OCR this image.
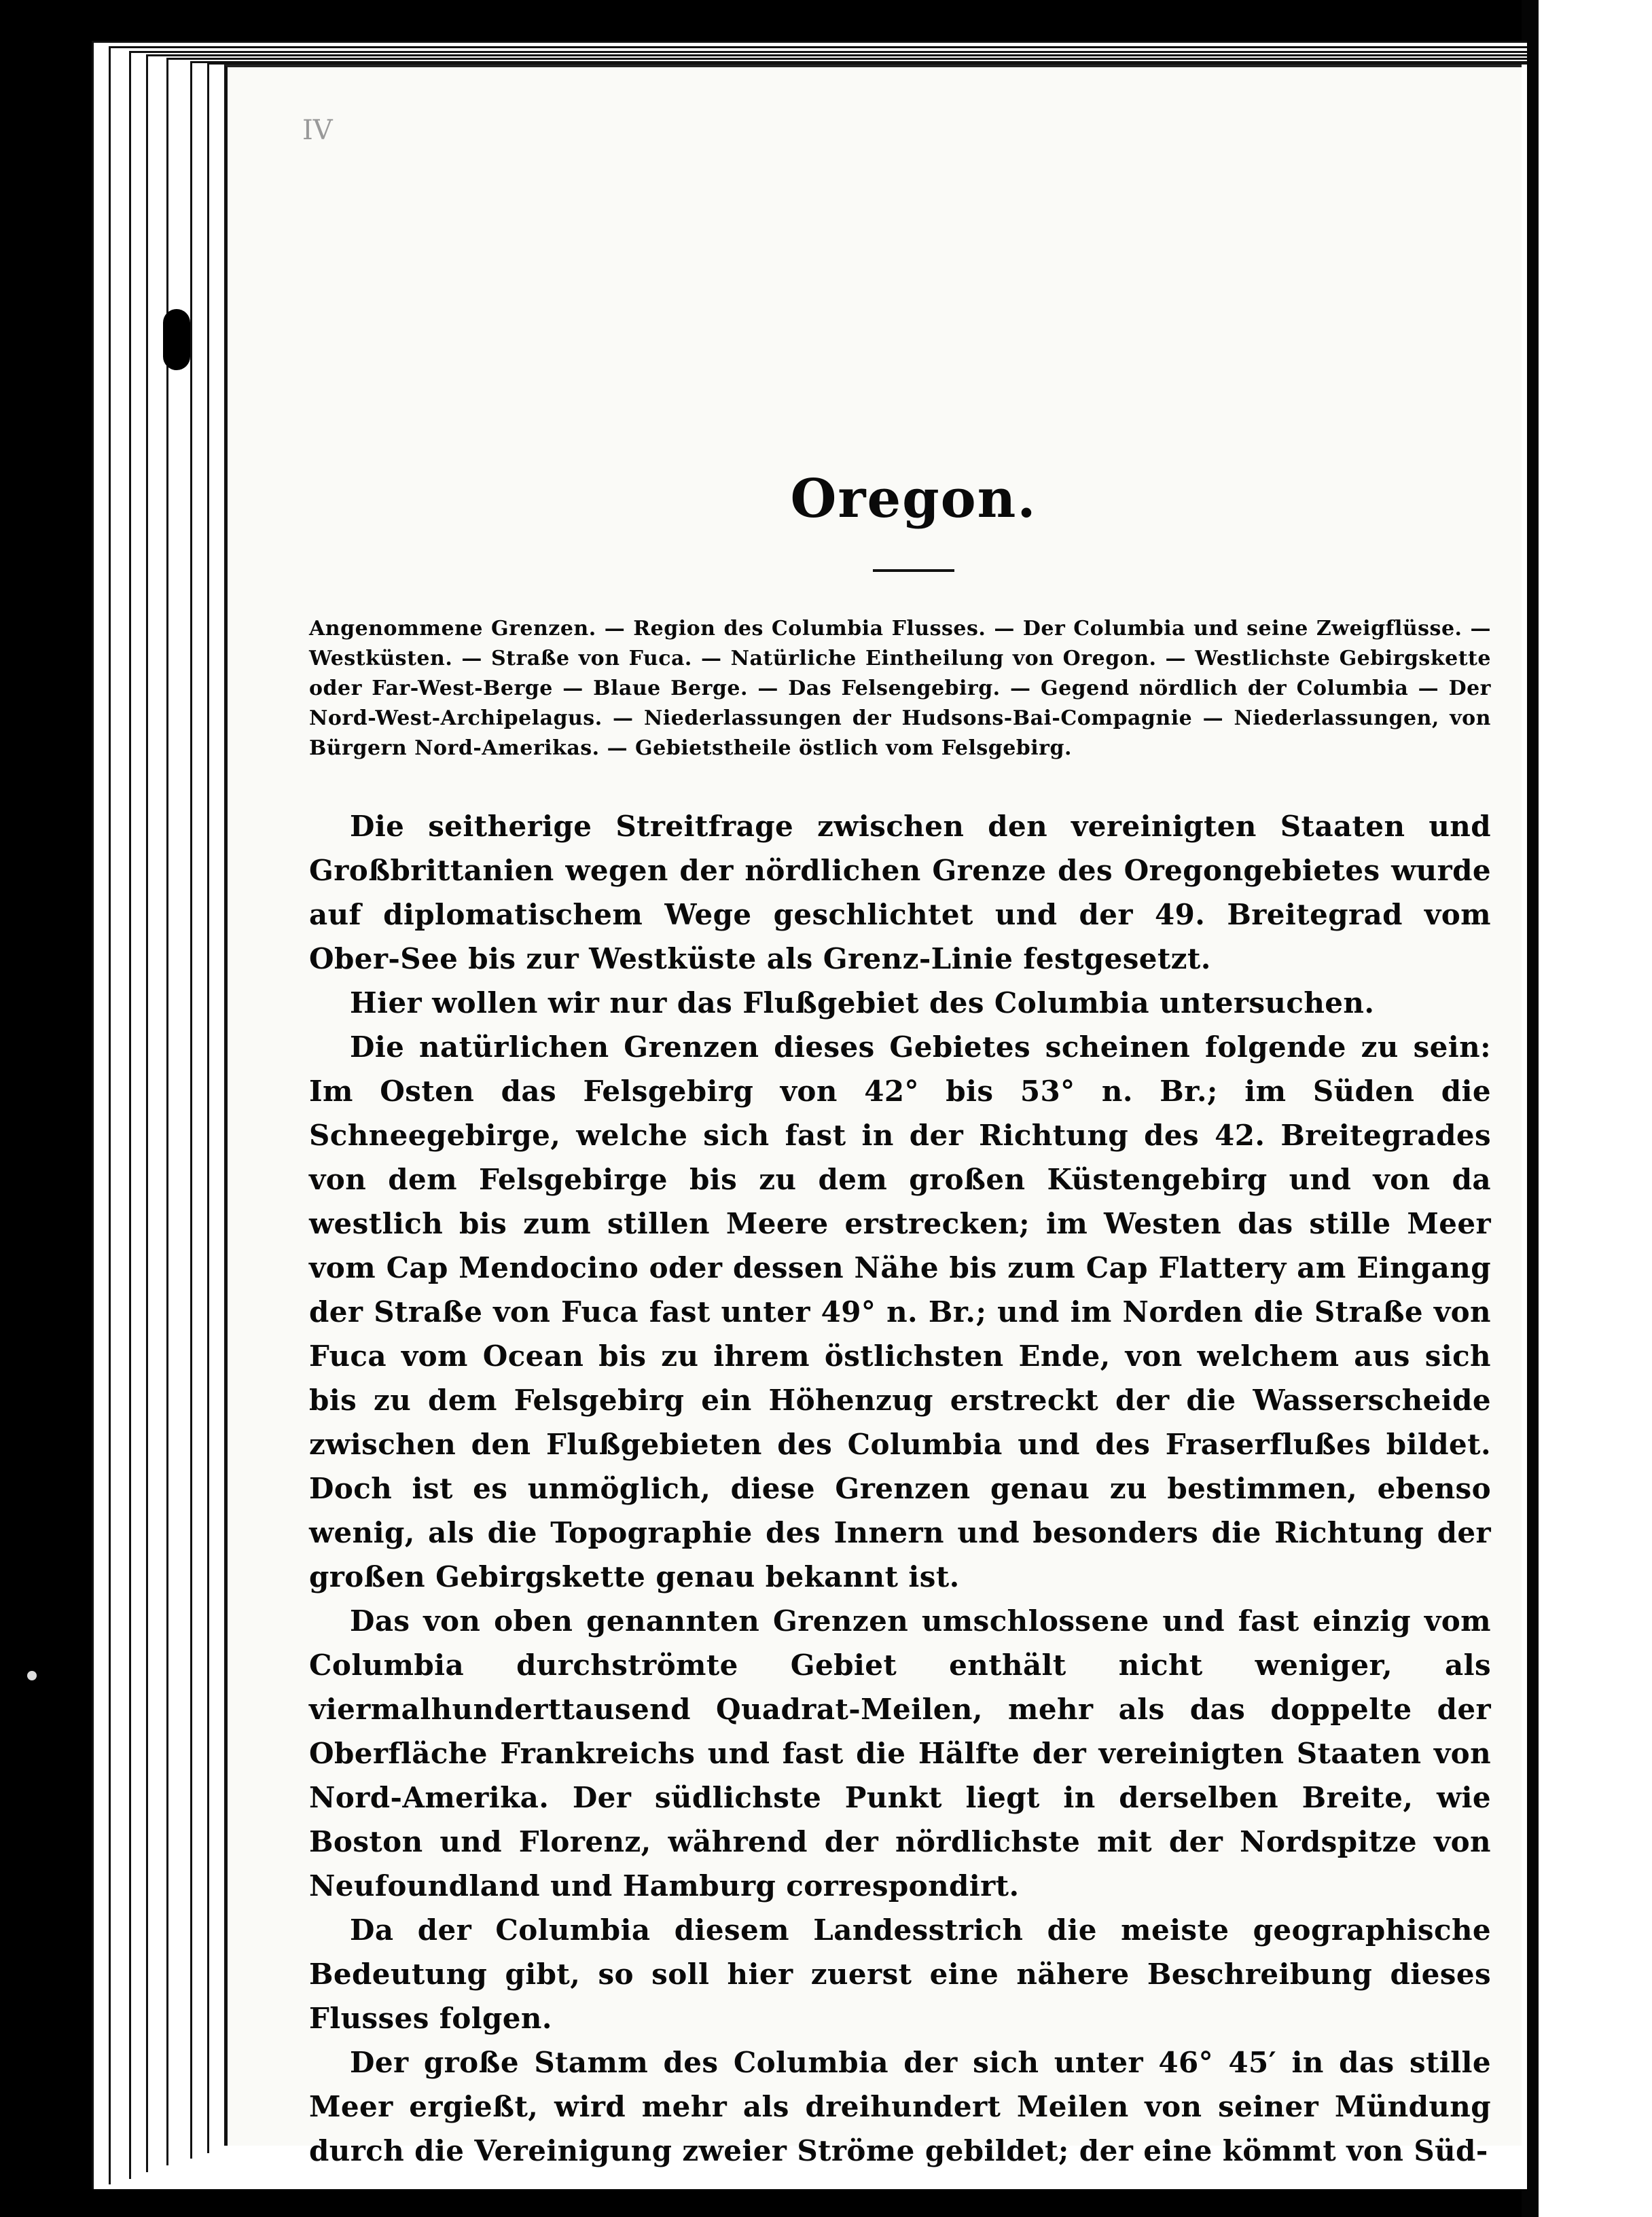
IV
Oregon.

Angenommene Grenzen. — Region des Columbia Flusses. — Der Columbia und seine Zweigflüsse. — Westküsten. — Straße von Fuca. — Natürliche Eintheilung von Oregon. — Westlichste Gebirgskette oder Far-West-Berge — Blaue Berge. — Das Felsengebirg. — Gegend nördlich der Columbia — Der Nord-West-Archipelagus. — Niederlassungen der Hudsons-Bai-Compagnie — Niederlassungen, von Bürgern Nord-Amerikas. — Gebietstheile östlich vom Felsgebirg.

Die seitherige Streitfrage zwischen den vereinigten Staaten und Großbrittanien wegen der nördlichen Grenze des Oregongebietes wurde auf diplomatischem Wege geschlichtet und der 49. Breitegrad vom Ober-See bis zur Westküste als Grenz-Linie festgesetzt.

Hier wollen wir nur das Flußgebiet des Columbia untersuchen.

Die natürlichen Grenzen dieses Gebietes scheinen folgende zu sein: Im Osten das Felsgebirg von 42° bis 53° n. Br.; im Süden die Schneegebirge, welche sich fast in der Richtung des 42. Breitegrades von dem Felsgebirge bis zu dem großen Küstengebirg und von da westlich bis zum stillen Meere erstrecken; im Westen das stille Meer vom Cap Mendocino oder dessen Nähe bis zum Cap Flattery am Eingang der Straße von Fuca fast unter 49° n. Br.; und im Norden die Straße von Fuca vom Ocean bis zu ihrem östlichsten Ende, von welchem aus sich bis zu dem Felsgebirg ein Höhenzug erstreckt der die Wasserscheide zwischen den Flußgebieten des Columbia und des Fraserflußes bildet. Doch ist es unmöglich, diese Grenzen genau zu bestimmen, ebenso wenig, als die Topographie des Innern und besonders die Richtung der großen Gebirgskette genau bekannt ist.

Das von oben genannten Grenzen umschlossene und fast einzig vom Columbia durchströmte Gebiet enthält nicht weniger, als viermalhunderttausend Quadrat-Meilen, mehr als das doppelte der Oberfläche Frankreichs und fast die Hälfte der vereinigten Staaten von Nord-Amerika. Der südlichste Punkt liegt in derselben Breite, wie Boston und Florenz, während der nördlichste mit der Nordspitze von Neufoundland und Hamburg correspondirt.

Da der Columbia diesem Landesstrich die meiste geographische Bedeutung gibt, so soll hier zuerst eine nähere Beschreibung dieses Flusses folgen.

Der große Stamm des Columbia der sich unter 46° 45′ in das stille Meer ergießt, wird mehr als dreihundert Meilen von seiner Mündung durch die Vereinigung zweier Ströme gebildet; der eine kömmt von Süd-
